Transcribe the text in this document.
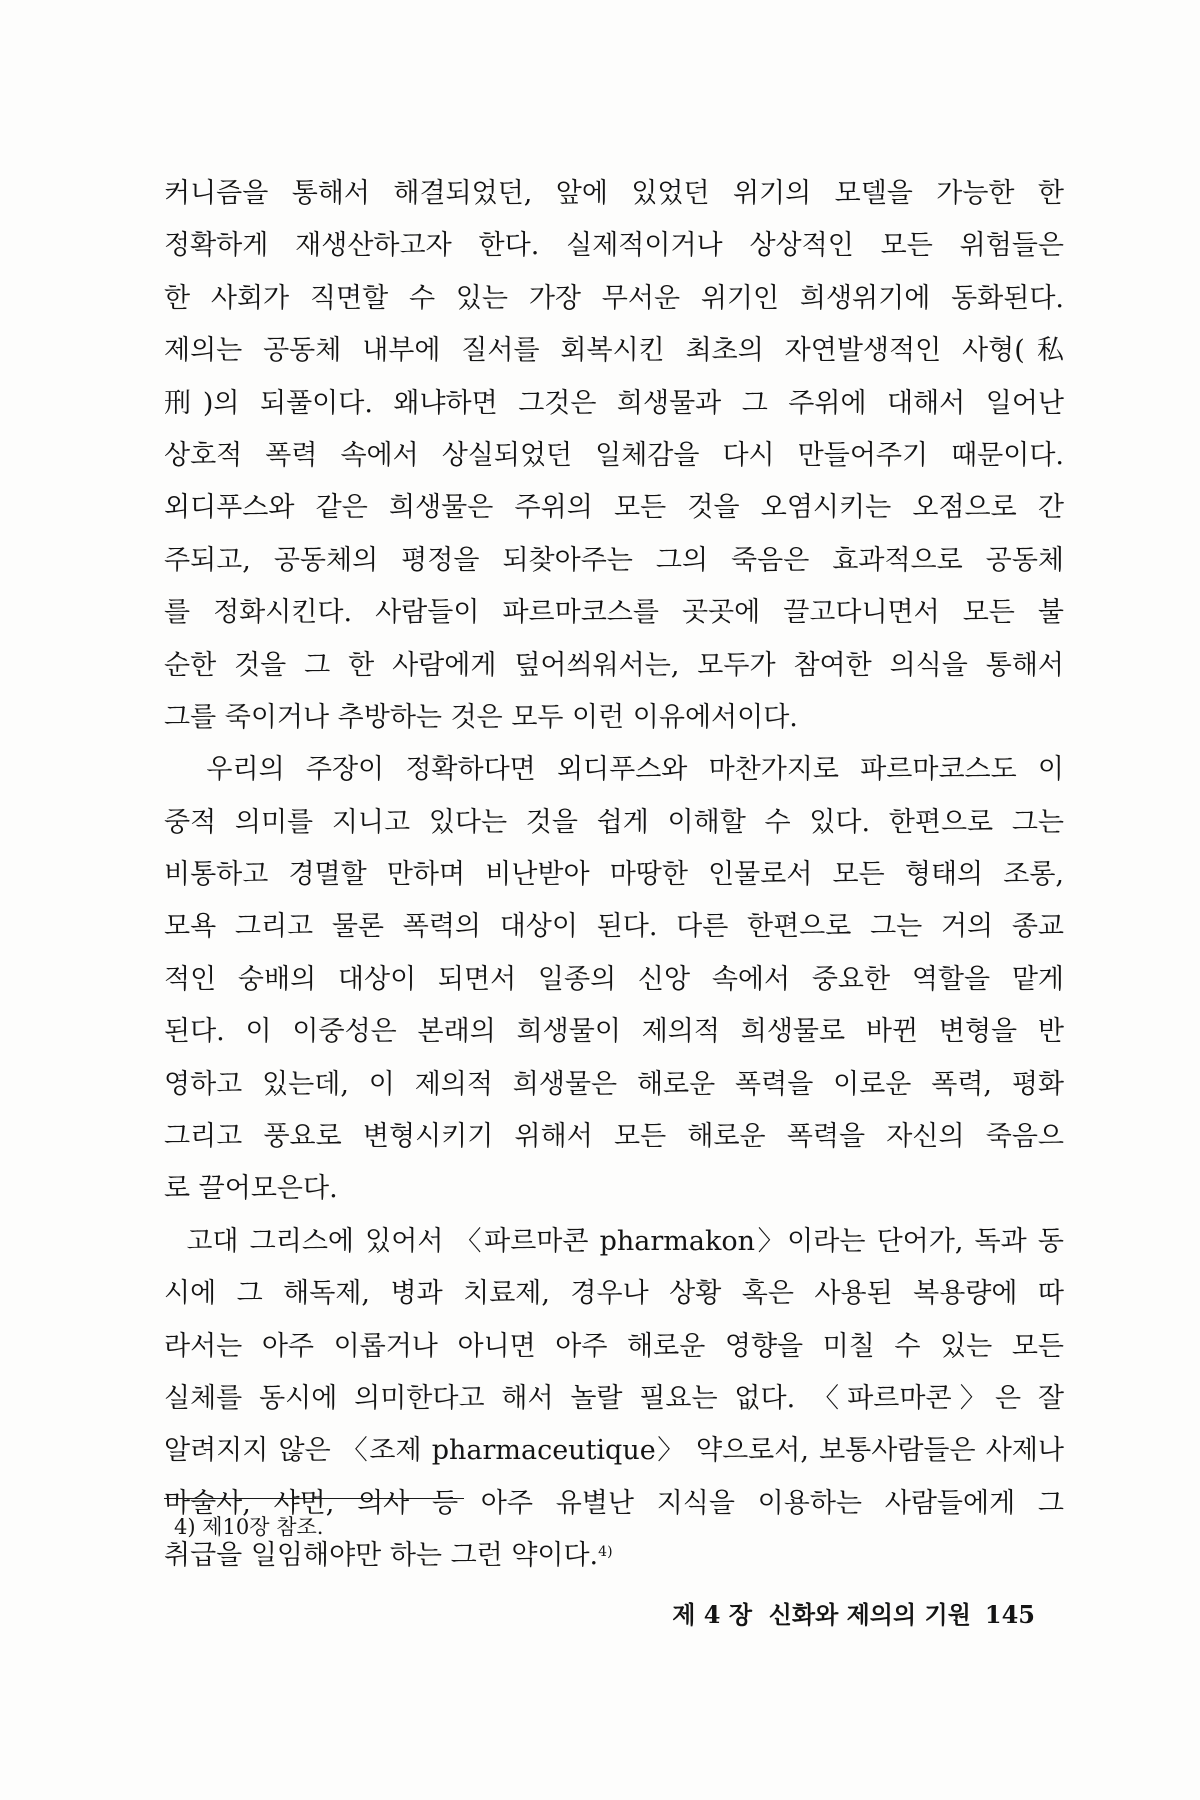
커니즘을 통해서 해결되었던, 앞에 있었던 위기의 모델을 가능한 한
정확하게 재생산하고자 한다. 실제적이거나 상상적인 모든 위험들은
한 사회가 직면할 수 있는 가장 무서운 위기인 희생위기에 동화된다.
제의는 공동체 내부에 질서를 회복시킨 최초의 자연발생적인 사형(私
刑)의 되풀이다. 왜냐하면 그것은 희생물과 그 주위에 대해서 일어난
상호적 폭력 속에서 상실되었던 일체감을 다시 만들어주기 때문이다.
외디푸스와 같은 희생물은 주위의 모든 것을 오염시키는 오점으로 간
주되고, 공동체의 평정을 되찾아주는 그의 죽음은 효과적으로 공동체
를 정화시킨다. 사람들이 파르마코스를 곳곳에 끌고다니면서 모든 불
순한 것을 그 한 사람에게 덮어씌워서는, 모두가 참여한 의식을 통해서
그를 죽이거나 추방하는 것은 모두 이런 이유에서이다.
우리의 주장이 정확하다면 외디푸스와 마찬가지로 파르마코스도 이
중적 의미를 지니고 있다는 것을 쉽게 이해할 수 있다. 한편으로 그는
비통하고 경멸할 만하며 비난받아 마땅한 인물로서 모든 형태의 조롱,
모욕 그리고 물론 폭력의 대상이 된다. 다른 한편으로 그는 거의 종교
적인 숭배의 대상이 되면서 일종의 신앙 속에서 중요한 역할을 맡게
된다. 이 이중성은 본래의 희생물이 제의적 희생물로 바뀐 변형을 반
영하고 있는데, 이 제의적 희생물은 해로운 폭력을 이로운 폭력, 평화
그리고 풍요로 변형시키기 위해서 모든 해로운 폭력을 자신의 죽음으
로 끌어모은다.
고대 그리스에 있어서 〈파르마콘 pharmakon〉이라는 단어가, 독과 동
시에 그 해독제, 병과 치료제, 경우나 상황 혹은 사용된 복용량에 따
라서는 아주 이롭거나 아니면 아주 해로운 영향을 미칠 수 있는 모든
실체를 동시에 의미한다고 해서 놀랄 필요는 없다. 〈파르마콘〉은 잘
알려지지 않은 〈조제 pharmaceutique〉 약으로서, 보통사람들은 사제나
마술사, 샤먼, 의사 등 아주 유별난 지식을 이용하는 사람들에게 그
취급을 일임해야만 하는 그런 약이다.$^{4)}$
4) 제10장 참조.
제 4 장  신화와 제의의 기원 145
